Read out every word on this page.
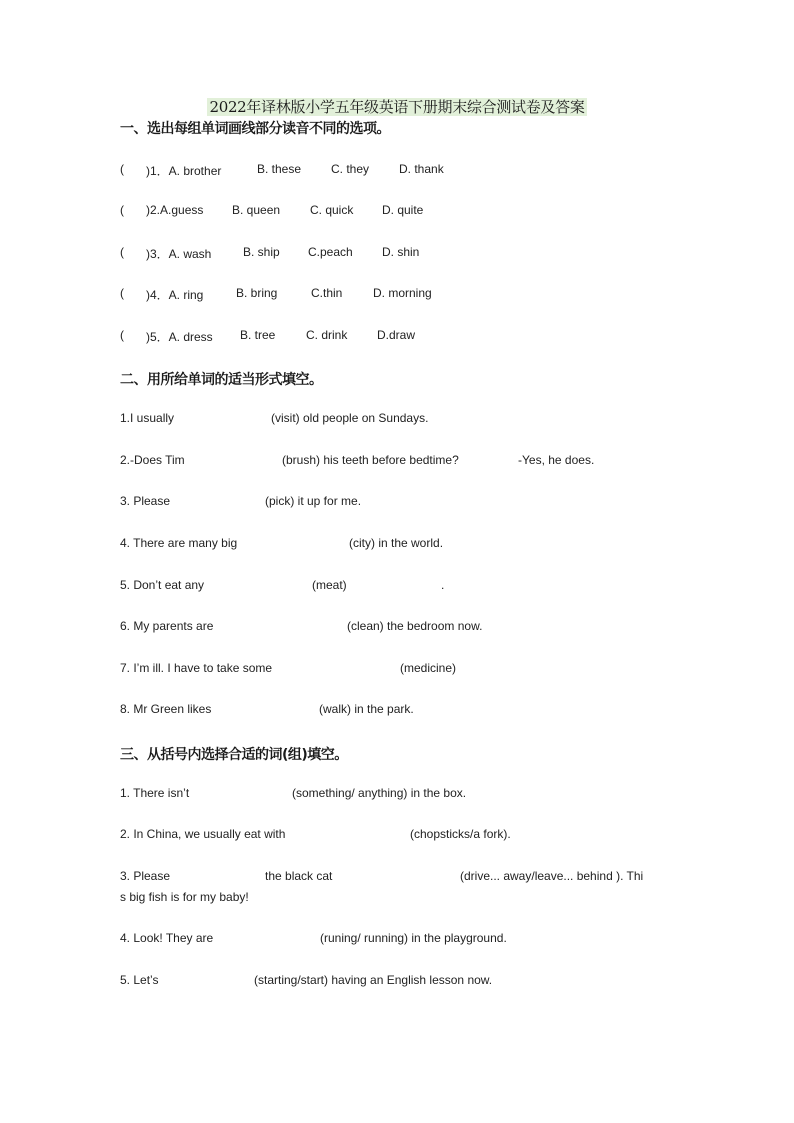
2022年译林版小学五年级英语下册期末综合测试卷及答案
一、选出每组单词画线部分读音不同的选项。
( )1．A. brother	B. these C. they D. thank
( )2.A.guess B. queen C. quick D. quite
( )3．A. wash	B. ship C.peach D. shin
( )4．A. ring	B. bring	C.thin	D. morning
( )5．A. dress B. tree	C. drink D.draw
二、用所给单词的适当形式填空。
1.I usually	(visit) old people on Sundays.
2.-Does Tim	(brush) his teeth before bedtime?	-Yes, he does.
3. Please	(pick) it up for me.
4. There are many big	(city) in the world.
5. Don’t eat any	(meat)	.
6. My parents are	(clean) the bedroom now.
7. I’m ill. I have to take some	(medicine)
8. Mr Green likes	(walk) in the park.
三、从括号内选择合适的词(组)填空。
1. There isn’t	(something/ anything) in the box.
2. In China, we usually eat with	(chopsticks/a fork).
3. Please	the black cat	(drive... away/leave... behind ). Thi
s big fish is for my baby!
4. Look! They are	(runing/ running) in the playground.
5. Let’s	(starting/start) having an English lesson now.
